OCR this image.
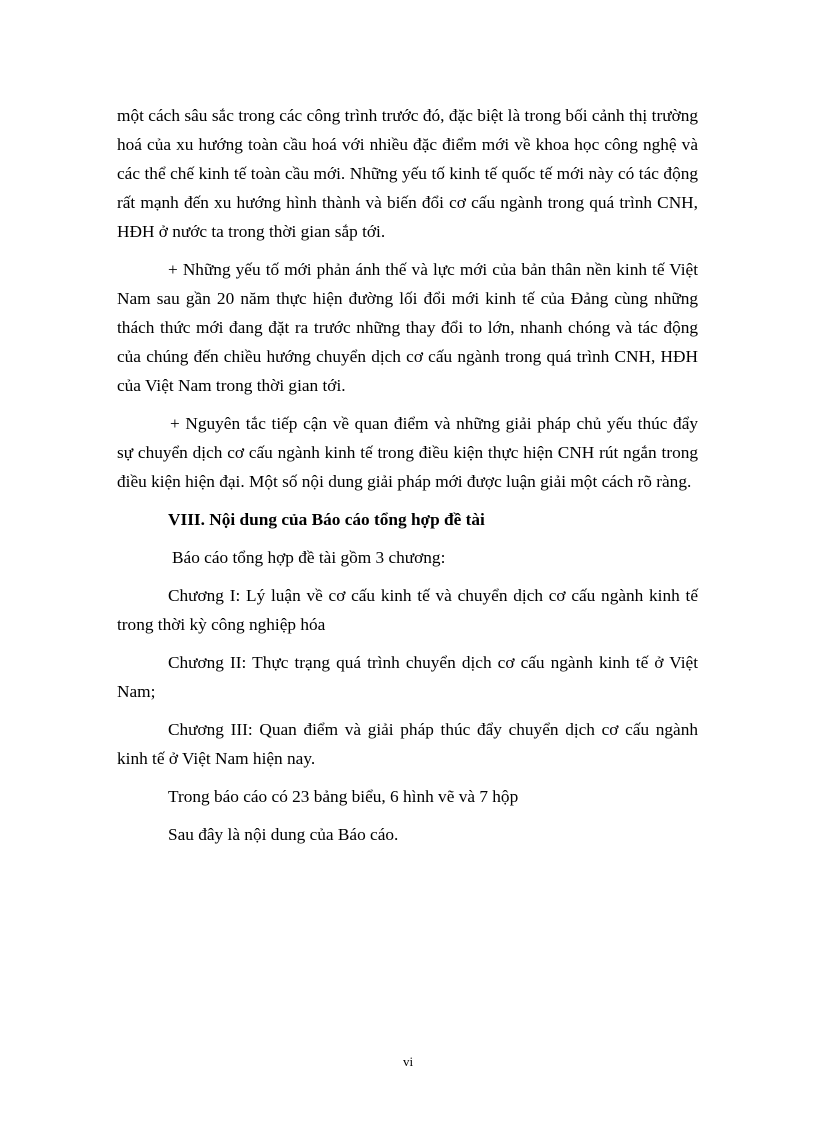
một cách sâu sắc trong các công trình trước đó, đặc biệt là trong bối cảnh thị trường hoá của xu hướng toàn cầu hoá với nhiều đặc điểm mới về khoa học công nghệ và các thể chế kinh tế toàn cầu mới. Những yếu tố kinh tế quốc tế mới này có tác động rất mạnh đến xu hướng hình thành và biến đổi cơ cấu ngành trong quá trình CNH, HĐH ở nước ta trong thời gian sắp tới.

+ Những yếu tố mới phản ánh thế và lực mới của bản thân nền kinh tế Việt Nam sau gần 20 năm thực hiện đường lối đổi mới kinh tế của Đảng cùng những thách thức mới đang đặt ra trước những thay đổi to lớn, nhanh chóng và tác động của chúng đến chiều hướng chuyển dịch cơ cấu ngành trong quá trình CNH, HĐH của Việt Nam trong thời gian tới.

+ Nguyên tắc tiếp cận về quan điểm và những giải pháp chủ yếu thúc đẩy sự chuyển dịch cơ cấu ngành kinh tế trong điều kiện thực hiện CNH rút ngắn trong điều kiện hiện đại. Một số nội dung giải pháp mới được luận giải một cách rõ ràng.

VIII. Nội dung của Báo cáo tổng hợp đề tài

Báo cáo tổng hợp đề tài gồm 3 chương:

Chương I: Lý luận về cơ cấu kinh tế và chuyển dịch cơ cấu ngành kinh tế trong thời kỳ công nghiệp hóa

Chương II: Thực trạng quá trình chuyển dịch cơ cấu ngành kinh tế ở Việt Nam;

Chương III: Quan điểm và giải pháp thúc đẩy chuyển dịch cơ cấu ngành kinh tế ở Việt Nam hiện nay.

Trong báo cáo có 23 bảng biểu, 6 hình vẽ và 7 hộp

Sau đây là nội dung của Báo cáo.

vi
